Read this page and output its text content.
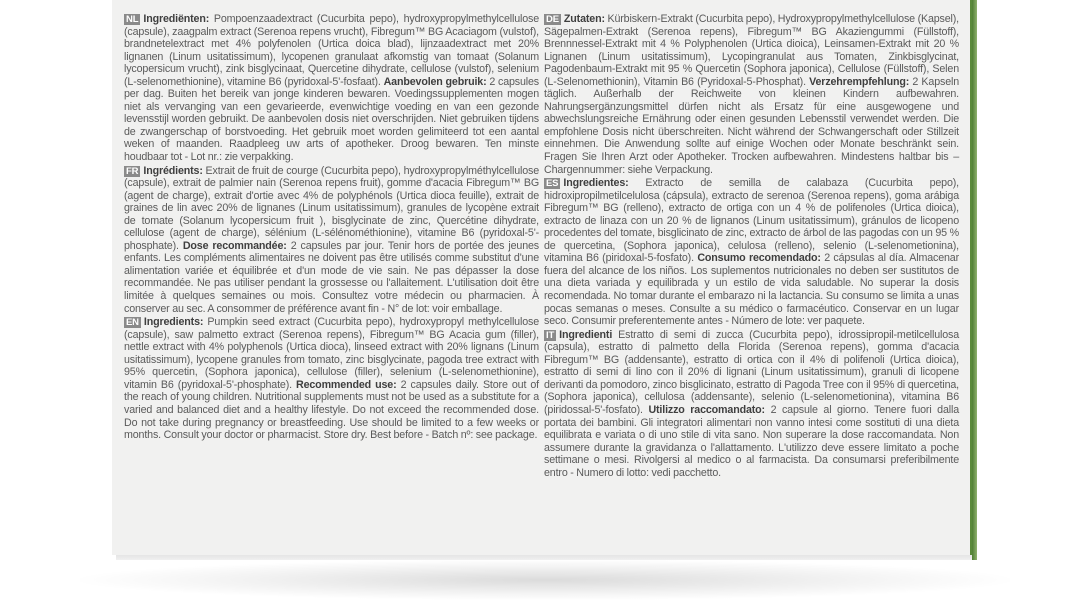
NL Ingrediënten: Pompoenzaadextract (Cucurbita pepo), hydroxypropylmethylcellulose (capsule), zaagpalm extract (Serenoa repens vrucht), Fibregum™ BG Acaciagom (vulstof), brandnetelextract met 4% polyfenolen (Urtica doica blad), lijnzaadextract met 20% lignanen (Linum usitatissimum), lycopenen granulaat afkomstig van tomaat (Solanum lycopersicum vrucht), zink bisglycinaat, Quercetine dihydrate, cellulose (vulstof), selenium (L-selenomethionine), vitamine B6 (pyridoxal-5'-fosfaat). Aanbevolen gebruik: 2 capsules per dag. Buiten het bereik van jonge kinderen bewaren. Voedingssupplementen mogen niet als vervanging van een gevarieerde, evenwichtige voeding en van een gezonde levensstijl worden gebruikt. De aanbevolen dosis niet overschrijden. Niet gebruiken tijdens de zwangerschap of borstvoeding. Het gebruik moet worden gelimiteerd tot een aantal weken of maanden. Raadpleeg uw arts of apotheker. Droog bewaren. Ten minste houdbaar tot - Lot nr.: zie verpakking.

FR Ingrédients: Extrait de fruit de courge (Cucurbita pepo), hydroxypropylméthylcellulose (capsule), extrait de palmier nain (Serenoa repens fruit), gomme d'acacia Fibregum™ BG (agent de charge), extrait d'ortie avec 4% de polyphénols (Urtica dioca feuille), extrait de graines de lin avec 20% de lignanes (Linum usitatissimum), granules de lycopène extrait de tomate (Solanum lycopersicum fruit ), bisglycinate de zinc, Quercétine dihydrate, cellulose (agent de charge), sélénium (L-sélénométhionine), vitamine B6 (pyridoxal-5'-phosphate). Dose recommandée: 2 capsules par jour. Tenir hors de portée des jeunes enfants. Les compléments alimentaires ne doivent pas être utilisés comme substitut d'une alimentation variée et équilibrée et d'un mode de vie sain. Ne pas dépasser la dose recommandée. Ne pas utiliser pendant la grossesse ou l'allaitement. L'utilisation doit être limitée à quelques semaines ou mois. Consultez votre médecin ou pharmacien. À conserver au sec. A consommer de préférence avant fin - N° de lot: voir emballage.

EN Ingredients: Pumpkin seed extract (Cucurbita pepo), hydroxypropyl methylcellulose (capsule), saw palmetto extract (Serenoa repens), Fibregum™ BG Acacia gum (filler), nettle extract with 4% polyphenols (Urtica dioca), linseed extract with 20% lignans (Linum usitatissimum), lycopene granules from tomato, zinc bisglycinate, pagoda tree extract with 95% quercetin, (Sophora japonica), cellulose (filler), selenium (L-selenomethionine), vitamin B6 (pyridoxal-5'-phosphate). Recommended use: 2 capsules daily. Store out of the reach of young children. Nutritional supplements must not be used as a substitute for a varied and balanced diet and a healthy lifestyle. Do not exceed the recommended dose. Do not take during pregnancy or breastfeeding. Use should be limited to a few weeks or months. Consult your doctor or pharmacist. Store dry. Best before - Batch nº: see package.

DE Zutaten: Kürbiskern-Extrakt (Cucurbita pepo), Hydroxypropylmethylcellulose (Kapsel), Sägepalmen-Extrakt (Serenoa repens), Fibregum™ BG Akaziengummi (Füllstoff), Brennnessel-Extrakt mit 4 % Polyphenolen (Urtica dioica), Leinsamen-Extrakt mit 20 % Lignanen (Linum usitatissimum), Lycopingranulat aus Tomaten, Zinkbisglycinat, Pagodenbaum-Extrakt mit 95 % Quercetin (Sophora japonica), Cellulose (Füllstoff), Selen (L-Selenomethionin), Vitamin B6 (Pyridoxal-5-Phosphat). Verzehrempfehlung: 2 Kapseln täglich. Außerhalb der Reichweite von kleinen Kindern aufbewahren. Nahrungsergänzungsmittel dürfen nicht als Ersatz für eine ausgewogene und abwechslungsreiche Ernährung oder einen gesunden Lebensstil verwendet werden. Die empfohlene Dosis nicht überschreiten. Nicht während der Schwangerschaft oder Stillzeit einnehmen. Die Anwendung sollte auf einige Wochen oder Monate beschränkt sein. Fragen Sie Ihren Arzt oder Apotheker. Trocken aufbewahren. Mindestens haltbar bis – Chargennummer: siehe Verpackung.

ES Ingredientes: Extracto de semilla de calabaza (Cucurbita pepo), hidroxipropilmetilcelulosa (cápsula), extracto de serenoa (Serenoa repens), goma arábiga Fibregum™ BG (relleno), extracto de ortiga con un 4 % de polifenoles (Urtica dioica), extracto de linaza con un 20 % de lignanos (Linum usitatissimum), gránulos de licopeno procedentes del tomate, bisglicinato de zinc, extracto de árbol de las pagodas con un 95 % de quercetina, (Sophora japonica), celulosa (relleno), selenio (L-selenometionina), vitamina B6 (piridoxal-5-fosfato). Consumo recomendado: 2 cápsulas al día. Almacenar fuera del alcance de los niños. Los suplementos nutricionales no deben ser sustitutos de una dieta variada y equilibrada y un estilo de vida saludable. No superar la dosis recomendada. No tomar durante el embarazo ni la lactancia. Su consumo se limita a unas pocas semanas o meses. Consulte a su médico o farmacéutico. Conservar en un lugar seco. Consumir preferentemente antes - Número de lote: ver paquete.

IT Ingredienti Estratto di semi di zucca (Cucurbita pepo), idrossipropil-metilcellulosa (capsula), estratto di palmetto della Florida (Serenoa repens), gomma d'acacia Fibregum™ BG (addensante), estratto di ortica con il 4% di polifenoli (Urtica dioica), estratto di semi di lino con il 20% di lignani (Linum usitatissimum), granuli di licopene derivanti da pomodoro, zinco bisglicinato, estratto di Pagoda Tree con il 95% di quercetina, (Sophora japonica), cellulosa (addensante), selenio (L-selenometionina), vitamina B6 (piridossal-5'-fosfato). Utilizzo raccomandato: 2 capsule al giorno. Tenere fuori dalla portata dei bambini. Gli integratori alimentari non vanno intesi come sostituti di una dieta equilibrata e variata o di uno stile di vita sano. Non superare la dose raccomandata. Non assumere durante la gravidanza o l'allattamento. L'utilizzo deve essere limitato a poche settimane o mesi. Rivolgersi al medico o al farmacista. Da consumarsi preferibilmente entro - Numero di lotto: vedi pacchetto.
